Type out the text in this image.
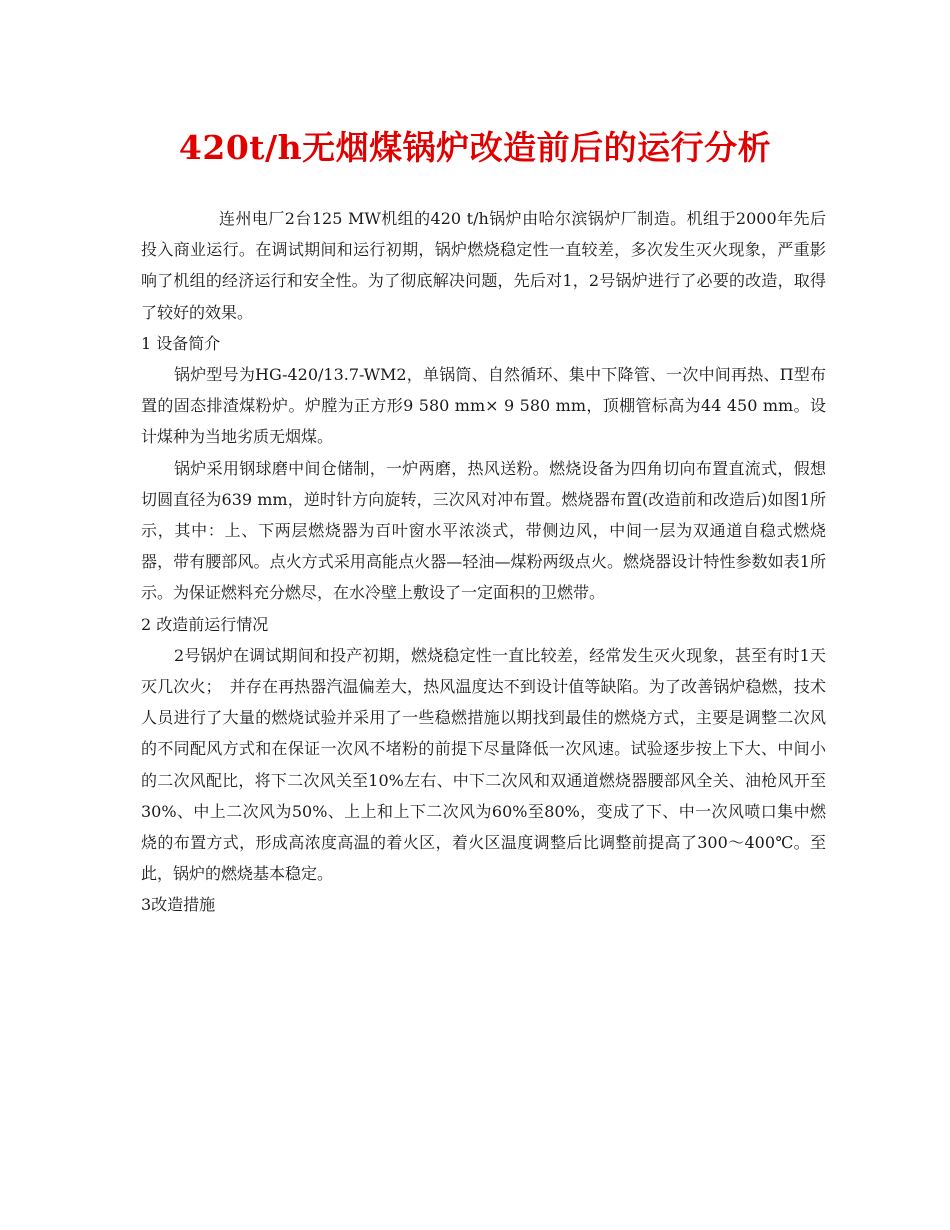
420t/h无烟煤锅炉改造前后的运行分析

连州电厂2台125 MW机组的420 t/h锅炉由哈尔滨锅炉厂制造。机组于2000年先后投入商业运行。在调试期间和运行初期，锅炉燃烧稳定性一直较差，多次发生灭火现象，严重影响了机组的经济运行和安全性。为了彻底解决问题，先后对1，2号锅炉进行了必要的改造，取得了较好的效果。

1 设备简介

锅炉型号为HG-420/13.7-WM2，单锅筒、自然循环、集中下降管、一次中间再热、Π型布置的固态排渣煤粉炉。炉膛为正方形9 580 mm× 9 580 mm，顶棚管标高为44 450 mm。设计煤种为当地劣质无烟煤。

锅炉采用钢球磨中间仓储制，一炉两磨，热风送粉。燃烧设备为四角切向布置直流式，假想切圆直径为639 mm，逆时针方向旋转，三次风对冲布置。燃烧器布置(改造前和改造后)如图1所示，其中：上、下两层燃烧器为百叶窗水平浓淡式，带侧边风，中间一层为双通道自稳式燃烧器，带有腰部风。点火方式采用高能点火器—轻油—煤粉两级点火。燃烧器设计特性参数如表1所示。为保证燃料充分燃尽，在水冷壁上敷设了一定面积的卫燃带。

2 改造前运行情况

2号锅炉在调试期间和投产初期，燃烧稳定性一直比较差，经常发生灭火现象，甚至有时1天灭几次火；　并存在再热器汽温偏差大，热风温度达不到设计值等缺陷。为了改善锅炉稳燃，技术人员进行了大量的燃烧试验并采用了一些稳燃措施以期找到最佳的燃烧方式，主要是调整二次风的不同配风方式和在保证一次风不堵粉的前提下尽量降低一次风速。试验逐步按上下大、中间小的二次风配比，将下二次风关至10%左右、中下二次风和双通道燃烧器腰部风全关、油枪风开至30%、中上二次风为50%、上上和上下二次风为60%至80%，变成了下、中一次风喷口集中燃烧的布置方式，形成高浓度高温的着火区，着火区温度调整后比调整前提高了300～400℃。至此，锅炉的燃烧基本稳定。

3改造措施
